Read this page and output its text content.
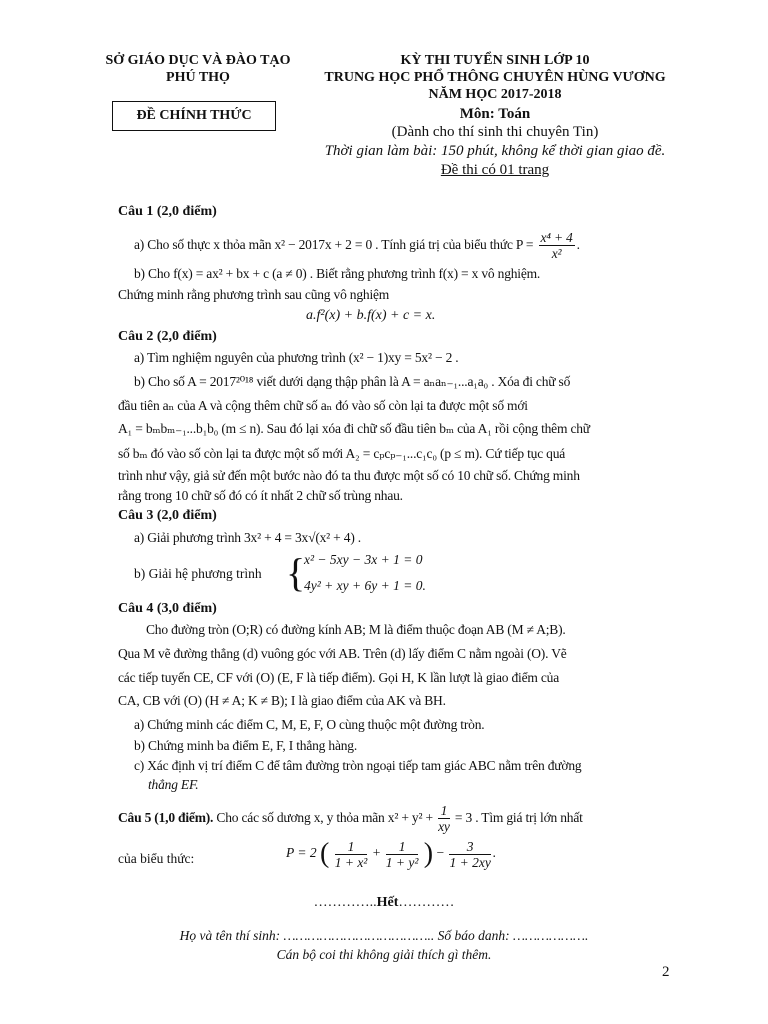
SỞ GIÁO DỤC VÀ ĐÀO TẠO
PHÚ THỌ
KỲ THI TUYỂN SINH LỚP 10
TRUNG HỌC PHỔ THÔNG CHUYÊN HÙNG VƯƠNG
NĂM HỌC 2017-2018
ĐỀ CHÍNH THỨC	Môn: Toán
(Dành cho thí sinh thi chuyên Tin)
Thời gian làm bài: 150 phút, không kể thời gian giao đề.
Đề thi có 01 trang
Câu 1 (2,0 điểm)
a) Cho số thực x thỏa mãn x² − 2017x + 2 = 0 . Tính giá trị của biểu thức $P = \frac{\text{x⁴ + 4}}{\text{x²}}$ .
b) Cho f(x) = ax² + bx + c (a ≠ 0) . Biết rằng phương trình f(x) = x vô nghiệm.
Chứng minh rằng phương trình sau cũng vô nghiệm
a.f²(x) + b.f(x) + c = x.
Câu 2 (2,0 điểm)
a) Tìm nghiệm nguyên của phương trình (x² − 1)xy = 5x² − 2 .
b) Cho số A = 2017²⁰¹⁸ viết dưới dạng thập phân là A = aₙaₙ₋₁...a₁a₀ . Xóa đi chữ số
đầu tiên aₙ của A và cộng thêm chữ số aₙ đó vào số còn lại ta được một số mới
A₁ = bₘbₘ₋₁...b₁b₀ (m ≤ n). Sau đó lại xóa đi chữ số đầu tiên bₘ của A₁ rồi cộng thêm chữ
số bₘ đó vào số còn lại ta được một số mới A₂ = cₚcₚ₋₁...c₁c₀ (p ≤ m). Cứ tiếp tục quá
trình như vậy, giả sử đến một bước nào đó ta thu được một số có 10 chữ số. Chứng minh
rằng trong 10 chữ số đó có ít nhất 2 chữ số trùng nhau.
Câu 3 (2,0 điểm)
a) Giải phương trình 3x² + 4 = 3x√(x² + 4) .
b) Giải hệ phương trình {
x² − 5xy − 3x + 1 = 0
4y² + xy + 6y + 1 = 0.
Câu 4 (3,0 điểm)
Cho đường tròn (O;R) có đường kính AB; M là điểm thuộc đoạn AB (M ≠ A;B).
Qua M vẽ đường thẳng (d) vuông góc với AB. Trên (d) lấy điểm C nằm ngoài (O). Vẽ
các tiếp tuyến CE, CF với (O) (E, F là tiếp điểm). Gọi H, K lần lượt là giao điểm của
CA, CB với (O) (H ≠ A; K ≠ B); I là giao điểm của AK và BH.
a) Chứng minh các điểm C, M, E, F, O cùng thuộc một đường tròn.
b) Chứng minh ba điểm E, F, I thẳng hàng.
c) Xác định vị trí điểm C để tâm đường tròn ngoại tiếp tam giác ABC nằm trên đường
thẳng EF.
Câu 5 (1,0 điểm). Cho các số dương x, y thỏa mãn $x^2 + y^2 + \frac{1}{xy} = 3$ . Tìm giá trị lớn nhất
của biểu thức:	P = 2 ( $\frac{1}{\text{1 + x²}} + \frac{1}{\text{1 + y²}}$ ) − $\frac{3}{1 + 2xy}$ .
…………..Hết…………
Họ và tên thí sinh: ……………………………….. Số báo danh: ……………….
Cán bộ coi thi không giải thích gì thêm.
2
